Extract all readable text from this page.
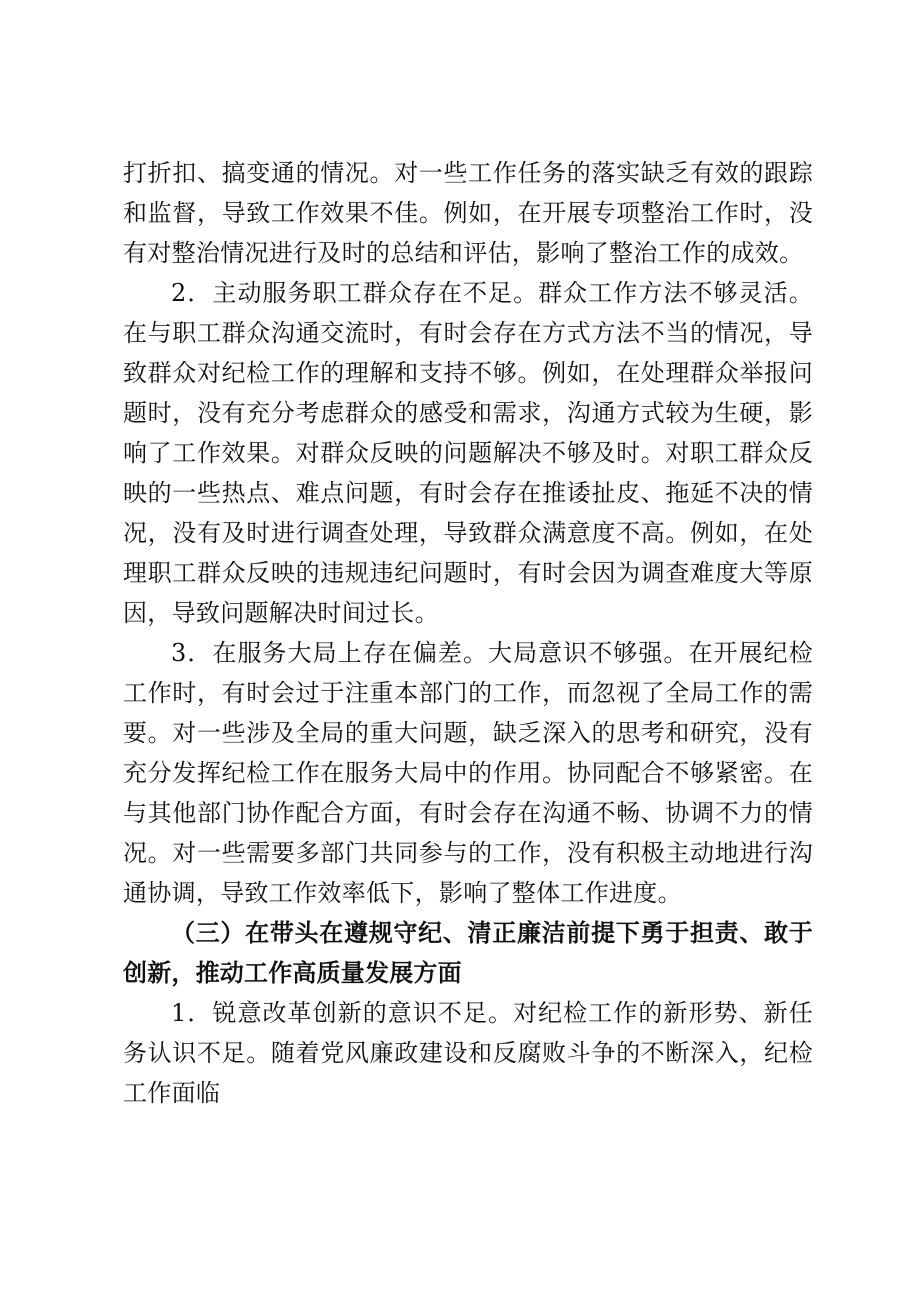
打折扣、搞变通的情况。对一些工作任务的落实缺乏有效的跟踪和监督，导致工作效果不佳。例如，在开展专项整治工作时，没有对整治情况进行及时的总结和评估，影响了整治工作的成效。

2．主动服务职工群众存在不足。群众工作方法不够灵活。在与职工群众沟通交流时，有时会存在方式方法不当的情况，导致群众对纪检工作的理解和支持不够。例如，在处理群众举报问题时，没有充分考虑群众的感受和需求，沟通方式较为生硬，影响了工作效果。对群众反映的问题解决不够及时。对职工群众反映的一些热点、难点问题，有时会存在推诿扯皮、拖延不决的情况，没有及时进行调查处理，导致群众满意度不高。例如，在处理职工群众反映的违规违纪问题时，有时会因为调查难度大等原因，导致问题解决时间过长。

3．在服务大局上存在偏差。大局意识不够强。在开展纪检工作时，有时会过于注重本部门的工作，而忽视了全局工作的需要。对一些涉及全局的重大问题，缺乏深入的思考和研究，没有充分发挥纪检工作在服务大局中的作用。协同配合不够紧密。在与其他部门协作配合方面，有时会存在沟通不畅、协调不力的情况。对一些需要多部门共同参与的工作，没有积极主动地进行沟通协调，导致工作效率低下，影响了整体工作进度。

（三）在带头在遵规守纪、清正廉洁前提下勇于担责、敢于创新，推动工作高质量发展方面

1．锐意改革创新的意识不足。对纪检工作的新形势、新任务认识不足。随着党风廉政建设和反腐败斗争的不断深入，纪检工作面临
